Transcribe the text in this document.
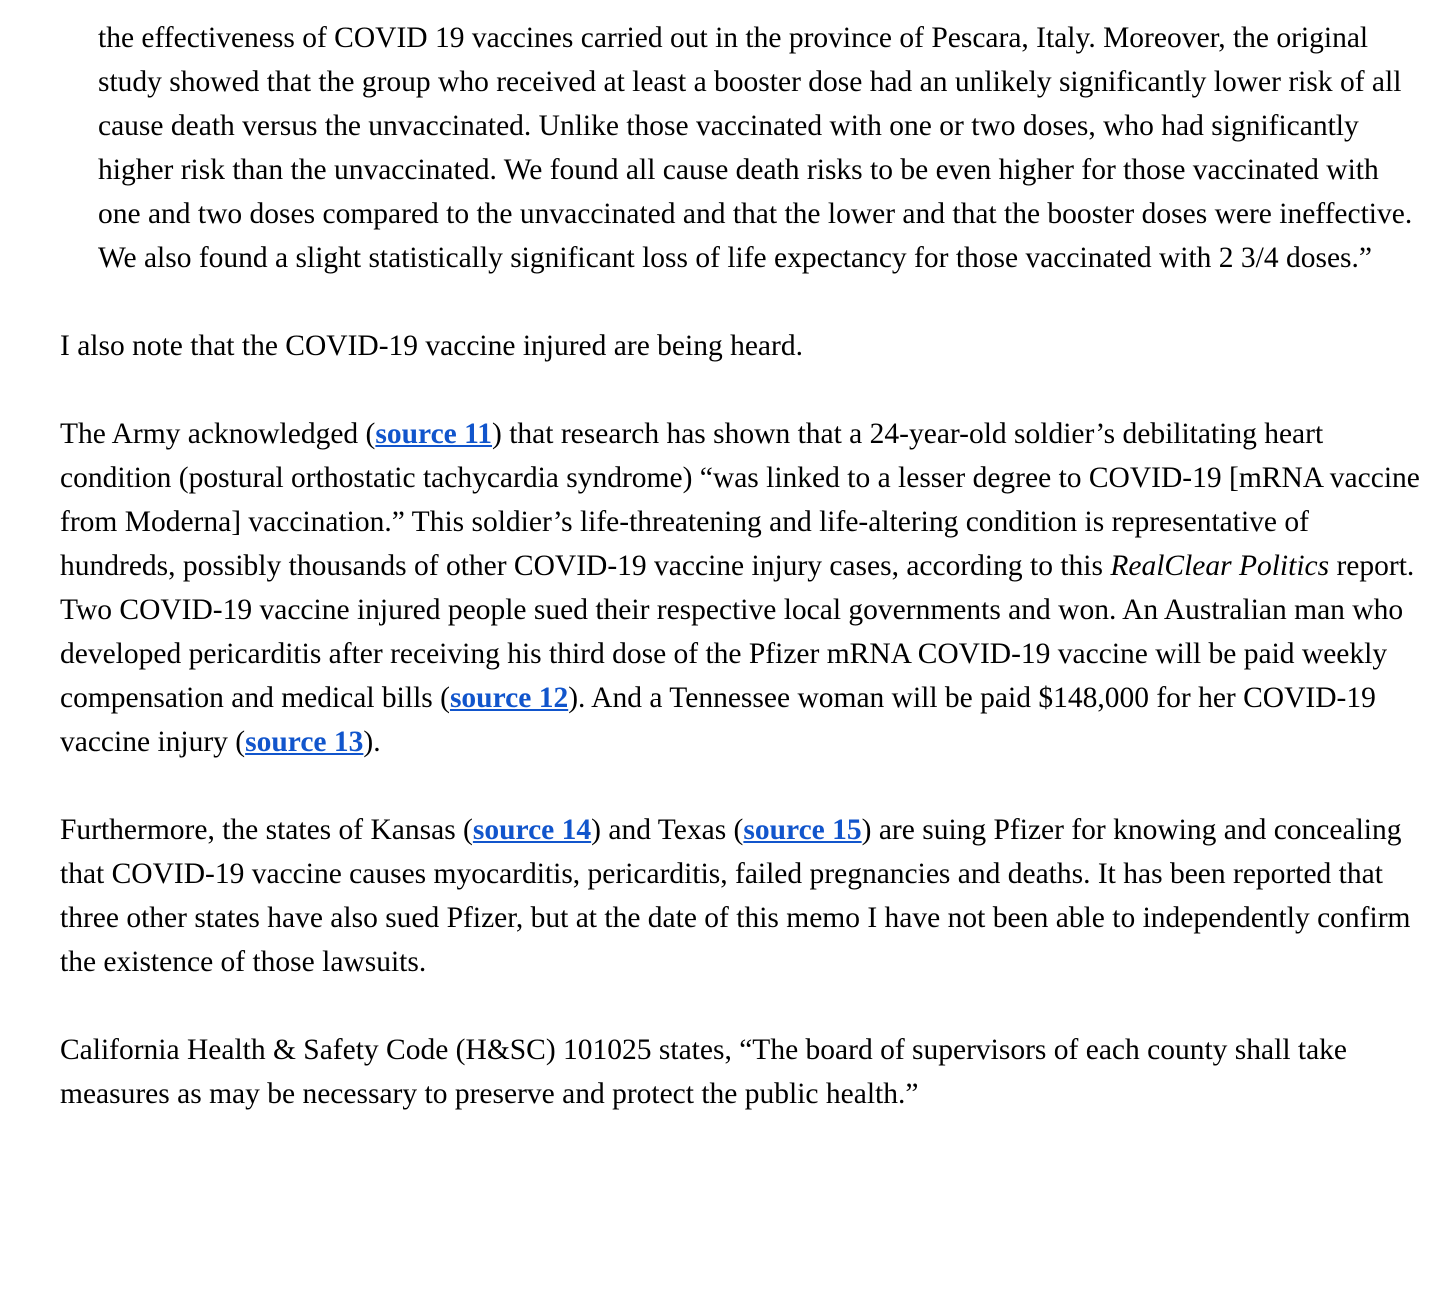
the effectiveness of COVID 19 vaccines carried out in the province of Pescara, Italy. Moreover, the original study showed that the group who received at least a booster dose had an unlikely significantly lower risk of all cause death versus the unvaccinated. Unlike those vaccinated with one or two doses, who had significantly higher risk than the unvaccinated. We found all cause death risks to be even higher for those vaccinated with one and two doses compared to the unvaccinated and that the lower and that the booster doses were ineffective. We also found a slight statistically significant loss of life expectancy for those vaccinated with 2 3/4 doses.”

I also note that the COVID-19 vaccine injured are being heard.

The Army acknowledged (source 11) that research has shown that a 24-year-old soldier’s debilitating heart condition (postural orthostatic tachycardia syndrome) “was linked to a lesser degree to COVID-19 [mRNA vaccine from Moderna] vaccination.” This soldier’s life-threatening and life-altering condition is representative of hundreds, possibly thousands of other COVID-19 vaccine injury cases, according to this RealClear Politics report. Two COVID-19 vaccine injured people sued their respective local governments and won. An Australian man who developed pericarditis after receiving his third dose of the Pfizer mRNA COVID-19 vaccine will be paid weekly compensation and medical bills (source 12). And a Tennessee woman will be paid $148,000 for her COVID-19 vaccine injury (source 13).

Furthermore, the states of Kansas (source 14) and Texas (source 15) are suing Pfizer for knowing and concealing that COVID-19 vaccine causes myocarditis, pericarditis, failed pregnancies and deaths. It has been reported that three other states have also sued Pfizer, but at the date of this memo I have not been able to independently confirm the existence of those lawsuits.

California Health & Safety Code (H&SC) 101025 states, “The board of supervisors of each county shall take measures as may be necessary to preserve and protect the public health.”
